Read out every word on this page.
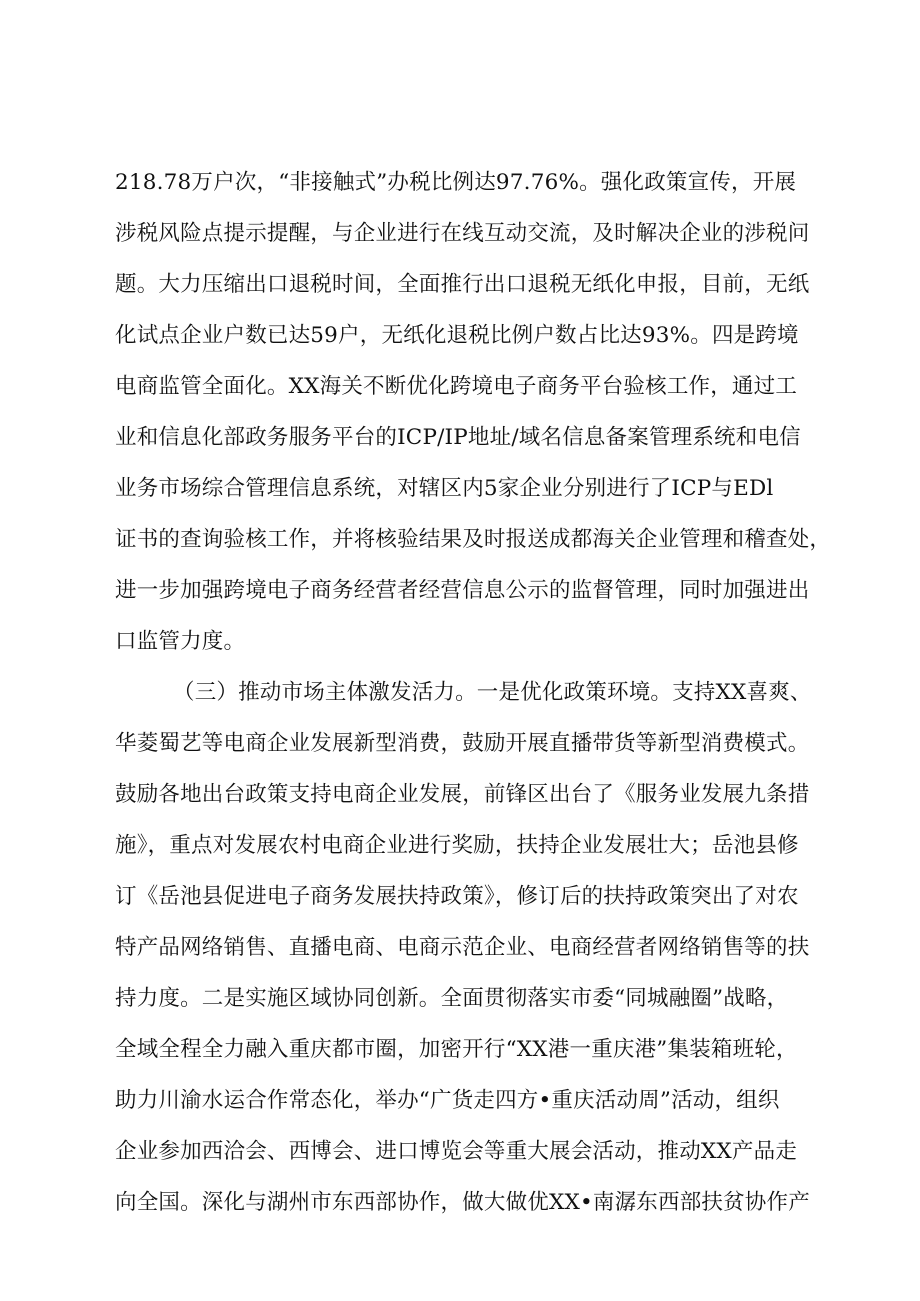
218.78万户次，“非接触式”办税比例达97.76%。强化政策宣传，开展
涉税风险点提示提醒，与企业进行在线互动交流，及时解决企业的涉税问
题。大力压缩出口退税时间，全面推行出口退税无纸化申报，目前，无纸
化试点企业户数已达59户，无纸化退税比例户数占比达93%。四是跨境
电商监管全面化。XX海关不断优化跨境电子商务平台验核工作，通过工
业和信息化部政务服务平台的ICP/IP地址/域名信息备案管理系统和电信
业务市场综合管理信息系统，对辖区内5家企业分别进行了ICP与EDl
证书的查询验核工作，并将核验结果及时报送成都海关企业管理和稽查处，
进一步加强跨境电子商务经营者经营信息公示的监督管理，同时加强进出
口监管力度。
（三）推动市场主体激发活力。一是优化政策环境。支持XX喜爽、
华菱蜀艺等电商企业发展新型消费，鼓励开展直播带货等新型消费模式。
鼓励各地出台政策支持电商企业发展，前锋区出台了《服务业发展九条措
施》，重点对发展农村电商企业进行奖励，扶持企业发展壮大；岳池县修
订《岳池县促进电子商务发展扶持政策》，修订后的扶持政策突出了对农
特产品网络销售、直播电商、电商示范企业、电商经营者网络销售等的扶
持力度。二是实施区域协同创新。全面贯彻落实市委“同城融圈”战略，
全域全程全力融入重庆都市圈，加密开行“XX港一重庆港”集装箱班轮，
助力川渝水运合作常态化，举办“广货走四方•重庆活动周”活动，组织
企业参加西洽会、西博会、进口博览会等重大展会活动，推动XX产品走
向全国。深化与湖州市东西部协作，做大做优XX•南潺东西部扶贫协作产
